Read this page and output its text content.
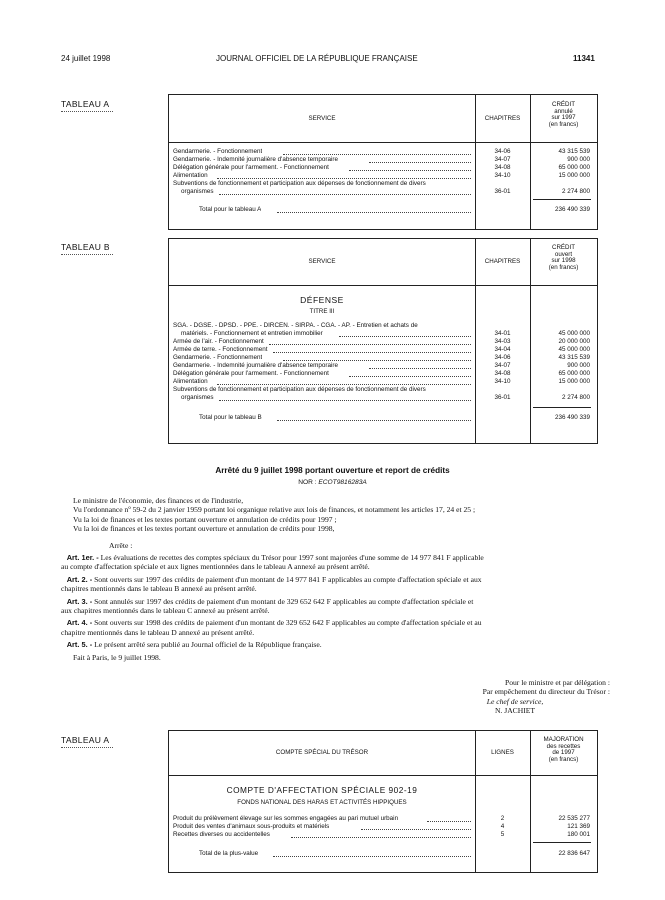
24 juillet 1998	JOURNAL OFFICIEL DE LA RÉPUBLIQUE FRANÇAISE	11341
TABLEAU A
SERVICE	CHAPITRES
CRÉDIT
annulé
sur 1997
(en francs)
Gendarmerie. - Fonctionnement	34-06	43 315 539
Gendarmerie. - Indemnité journalière d'absence temporaire	34-07	900 000
Délégation générale pour l'armement. - Fonctionnement	34-08	65 000 000
Alimentation	34-10	15 000 000
Subventions de fonctionnement et participation aux dépenses de fonctionnement de divers
organismes	36-01	2 274 800
Total pour le tableau A	236 490 339
TABLEAU B
SERVICE	CHAPITRES
CRÉDIT
ouvert
sur 1998
(en francs)
DÉFENSE
TITRE III
SGA. - DGSE. - DPSD. - PPE. - DIRCEN. - SIRPA. - CGA. - AP. - Entretien et achats de
matériels. - Fonctionnement et entretien immobilier	34-01	45 000 000
Armée de l'air. - Fonctionnement	34-03	20 000 000
Armée de terre. - Fonctionnement	34-04	45 000 000
Gendarmerie. - Fonctionnement	34-06	43 315 539
Gendarmerie. - Indemnité journalière d'absence temporaire	34-07	900 000
Délégation générale pour l'armement. - Fonctionnement	34-08	65 000 000
Alimentation	34-10	15 000 000
Subventions de fonctionnement et participation aux dépenses de fonctionnement de divers
organismes	36-01	2 274 800
Total pour le tableau B	236 490 339
Arrêté du 9 juillet 1998 portant ouverture et report de crédits
NOR : ECOT9816283A
Le ministre de l'économie, des finances et de l'industrie,
Vu l'ordonnance nº 59-2 du 2 janvier 1959 portant loi organique relative aux lois de finances, et notamment les articles 17, 24 et 25 ;
Vu la loi de finances et les textes portant ouverture et annulation de crédits pour 1997 ;
Vu la loi de finances et les textes portant ouverture et annulation de crédits pour 1998,
Arrête :
Art. 1er. - Les évaluations de recettes des comptes spéciaux du Trésor pour 1997 sont majorées d'une somme de 14 977 841 F applicable
au compte d'affectation spéciale et aux lignes mentionnées dans le tableau A annexé au présent arrêté.
Art. 2. - Sont ouverts sur 1997 des crédits de paiement d'un montant de 14 977 841 F applicables au compte d'affectation spéciale et aux
chapitres mentionnés dans le tableau B annexé au présent arrêté.
Art. 3. - Sont annulés sur 1997 des crédits de paiement d'un montant de 329 652 642 F applicables au compte d'affectation spéciale et
aux chapitres mentionnés dans le tableau C annexé au présent arrêté.
Art. 4. - Sont ouverts sur 1998 des crédits de paiement d'un montant de 329 652 642 F applicables au compte d'affectation spéciale et au
chapitre mentionnés dans le tableau D annexé au présent arrêté.
Art. 5. - Le présent arrêté sera publié au Journal officiel de la République française.
Fait à Paris, le 9 juillet 1998.
Pour le ministre et par délégation :
Par empêchement du directeur du Trésor :
Le chef de service,
N. JACHIET
TABLEAU A
COMPTE SPÉCIAL DU TRÉSOR	LIGNES
MAJORATION
des recettes
de 1997
(en francs)
COMPTE D'AFFECTATION SPÉCIALE 902-19
FONDS NATIONAL DES HARAS ET ACTIVITÉS HIPPIQUES
Produit du prélèvement élevage sur les sommes engagées au pari mutuel urbain	2	22 535 277
Produit des ventes d'animaux sous-produits et matériels	4	121 369
Recettes diverses ou accidentelles	5	180 001
Total de la plus-value	22 836 647
